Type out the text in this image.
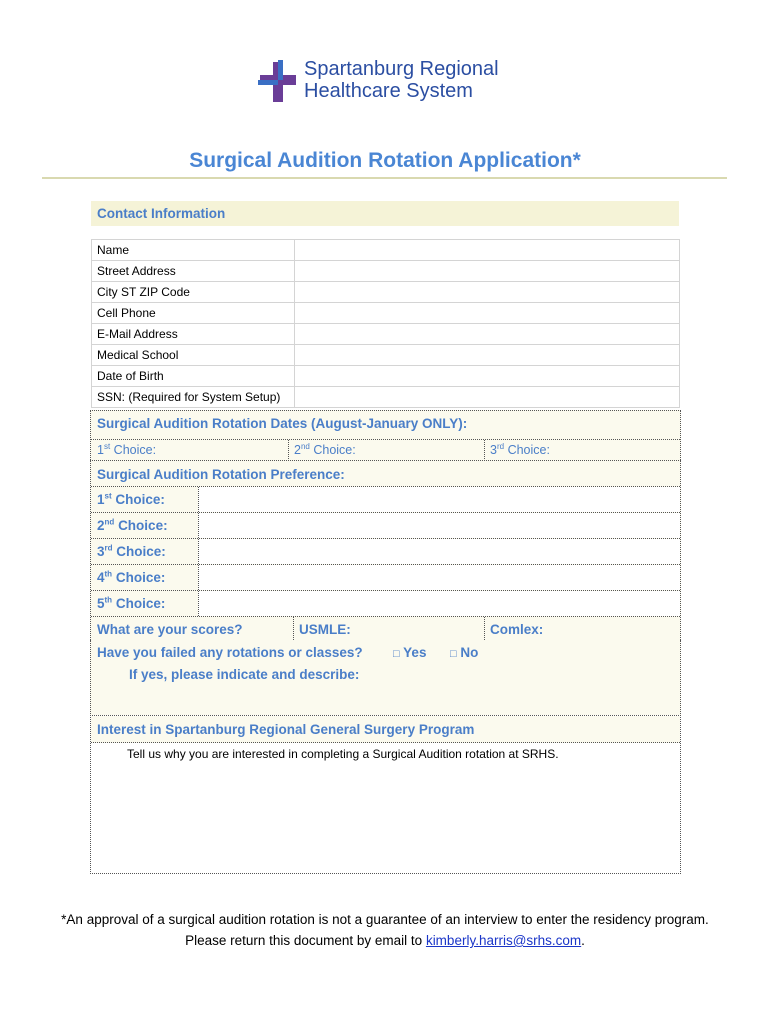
Spartanburg Regional
Healthcare System
Surgical Audition Rotation Application*
Contact Information
Name	
Street Address	
City ST ZIP Code	
Cell Phone	
E-Mail Address	
Medical School	
Date of Birth	
SSN: (Required for System Setup)	
Surgical Audition Rotation Dates (August-January ONLY):
1st Choice:	2nd Choice:	3rd Choice:
Surgical Audition Rotation Preference:
1st Choice:
2nd Choice:
3rd Choice:
4th Choice:
5th Choice:
What are your scores?	USMLE:	Comlex:
Have you failed any rotations or classes?	□ Yes □ No
If yes, please indicate and describe:
Interest in Spartanburg Regional General Surgery Program
Tell us why you are interested in completing a Surgical Audition rotation at SRHS.
*An approval of a surgical audition rotation is not a guarantee of an interview to enter the residency program.
Please return this document by email to kimberly.harris@srhs.com.
